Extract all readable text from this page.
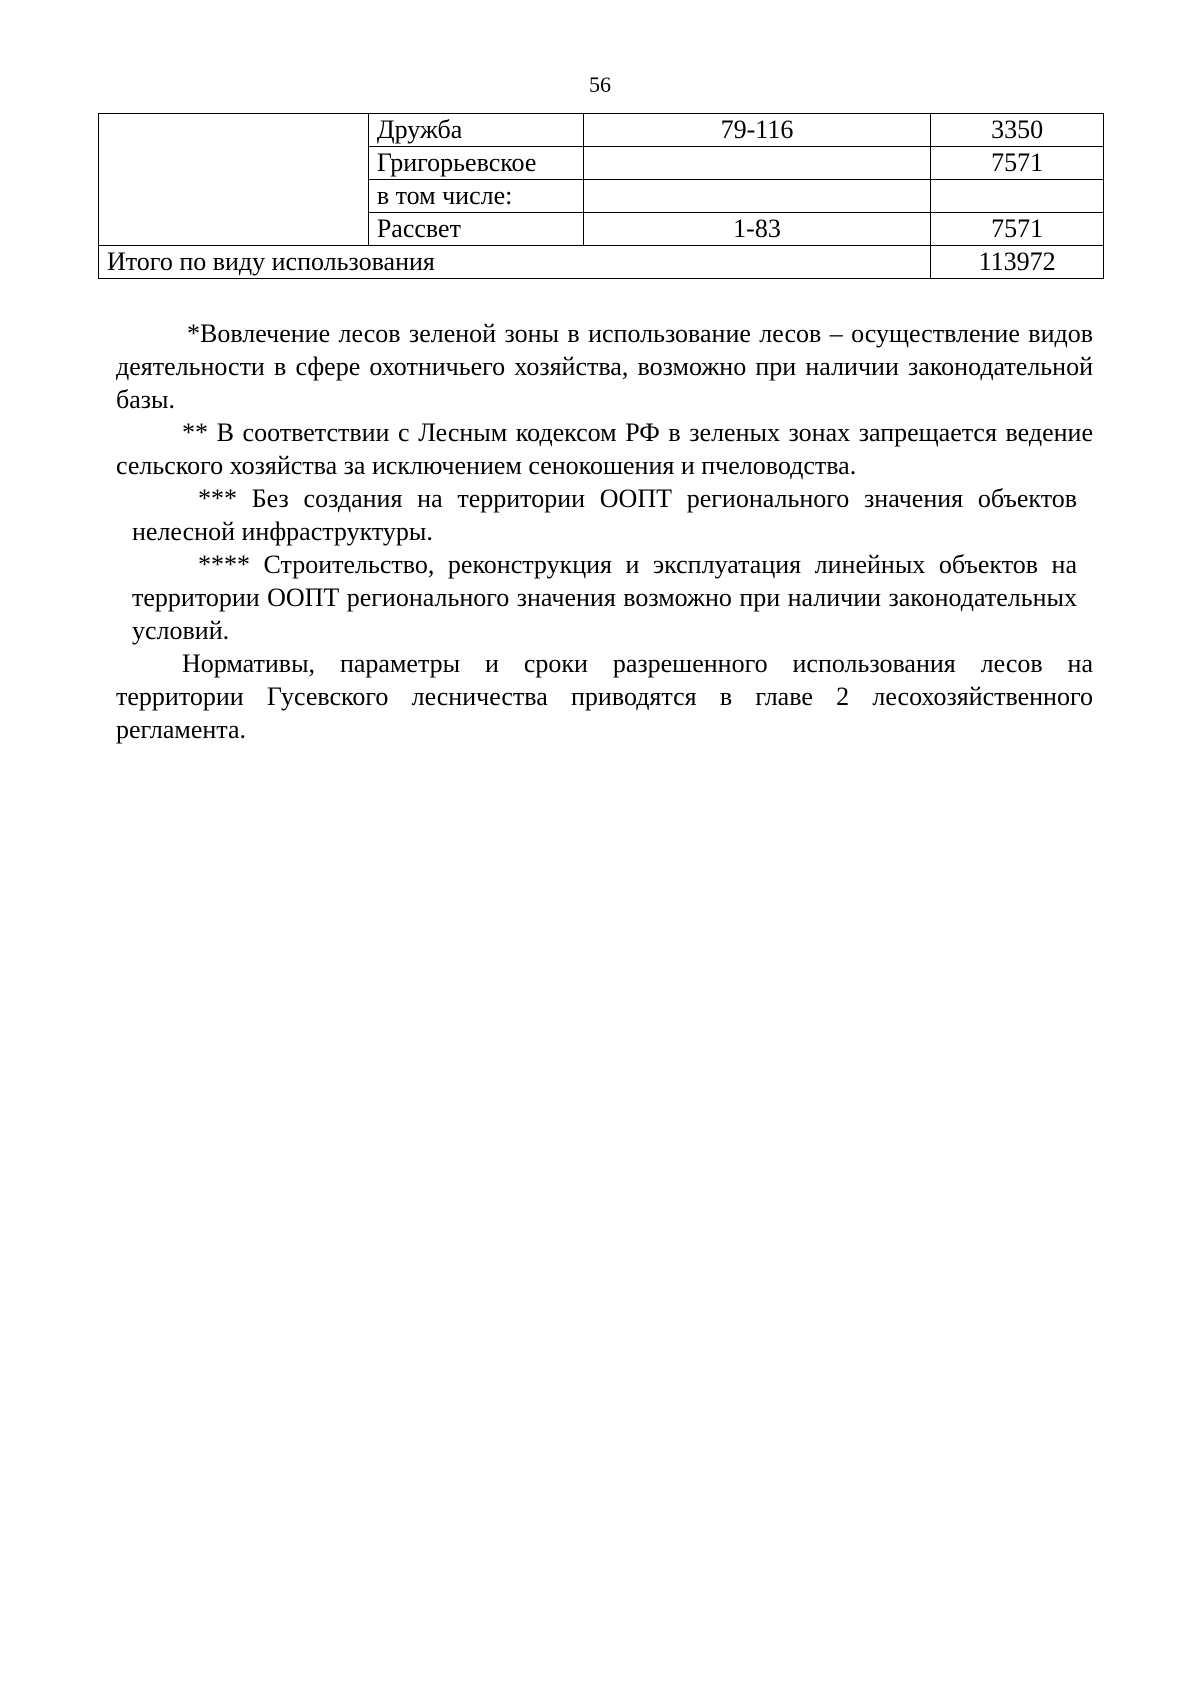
56
	Дружба	79-116	3350
	Григорьевское		7571
	в том числе:		
	Рассвет	1-83	7571
Итого по виду использования			113972

*Вовлечение лесов зеленой зоны в использование лесов – осуществление видов деятельности в сфере охотничьего хозяйства, возможно при наличии законодательной базы.

** В соответствии с Лесным кодексом РФ в зеленых зонах запрещается ведение сельского хозяйства за исключением сенокошения и пчеловодства.

*** Без создания на территории ООПТ регионального значения объектов нелесной инфраструктуры.

**** Строительство, реконструкция и эксплуатация линейных объектов на территории ООПТ регионального значения возможно при наличии законодательных условий.

Нормативы, параметры и сроки разрешенного использования лесов на территории Гусевского лесничества приводятся в главе 2 лесохозяйственного регламента.
